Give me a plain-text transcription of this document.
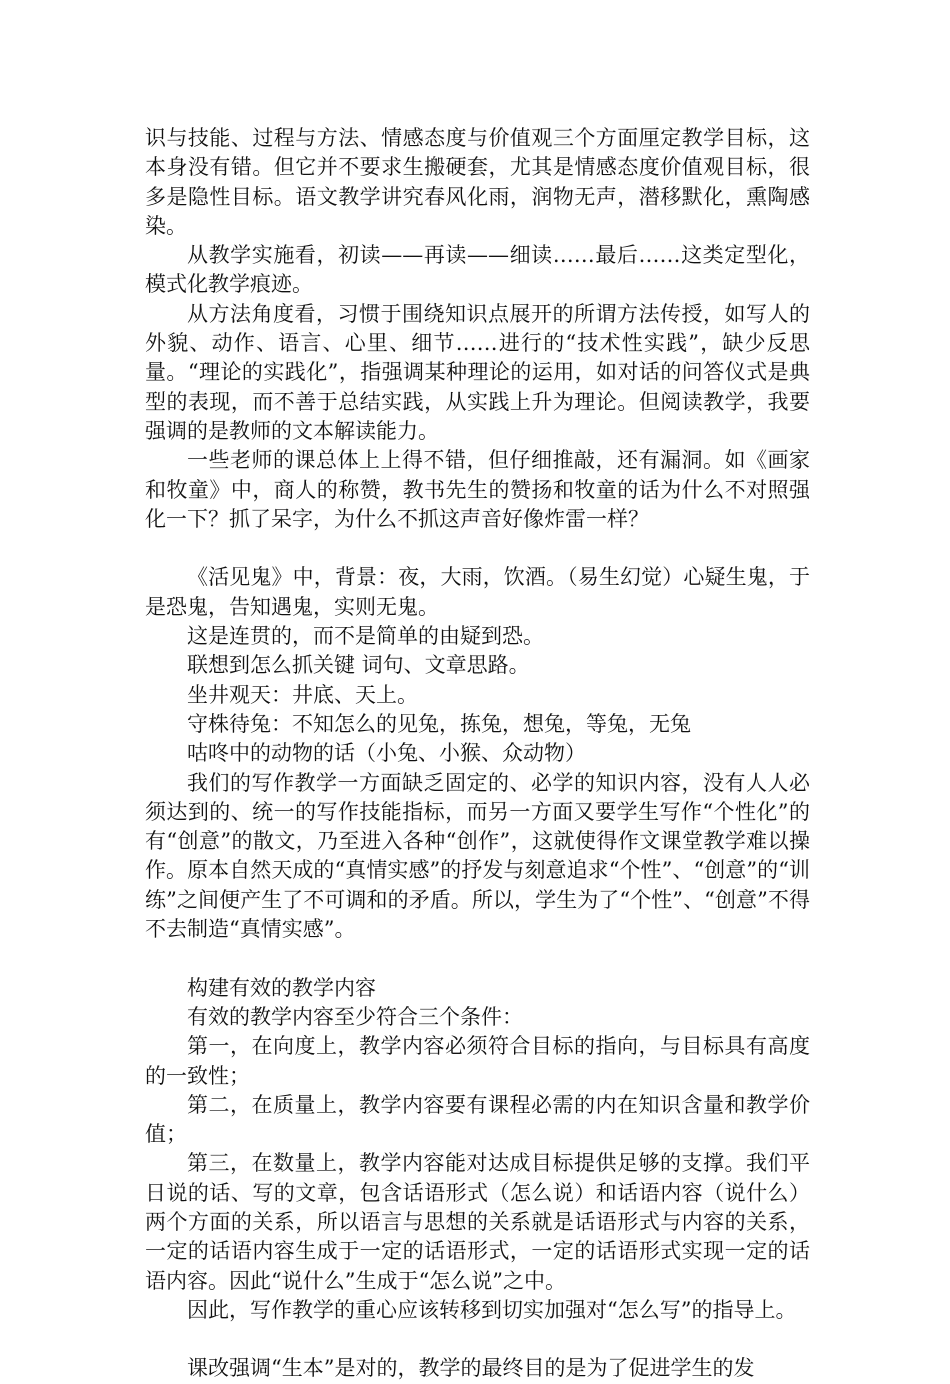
识与技能、过程与方法、情感态度与价值观三个方面厘定教学目标，这本身没有错。但它并不要求生搬硬套，尤其是情感态度价值观目标，很多是隐性目标。语文教学讲究春风化雨，润物无声，潜移默化，熏陶感染。

从教学实施看，初读——再读——细读……最后……这类定型化，模式化教学痕迹。

从方法角度看，习惯于围绕知识点展开的所谓方法传授，如写人的外貌、动作、语言、心里、细节……进行的“技术性实践”，缺少反思量。“理论的实践化”，指强调某种理论的运用，如对话的问答仪式是典型的表现，而不善于总结实践，从实践上升为理论。但阅读教学，我要强调的是教师的文本解读能力。

一些老师的课总体上上得不错，但仔细推敲，还有漏洞。如《画家和牧童》中，商人的称赞，教书先生的赞扬和牧童的话为什么不对照强化一下？抓了呆字，为什么不抓这声音好像炸雷一样？

《活见鬼》中，背景：夜，大雨，饮酒。（易生幻觉）心疑生鬼，于是恐鬼，告知遇鬼，实则无鬼。

这是连贯的，而不是简单的由疑到恐。

联想到怎么抓关键 词句、文章思路。

坐井观天：井底、天上。

守株待兔：不知怎么的见兔，拣兔，想兔，等兔，无兔

咕咚中的动物的话（小兔、小猴、众动物）

我们的写作教学一方面缺乏固定的、必学的知识内容，没有人人必须达到的、统一的写作技能指标，而另一方面又要学生写作“个性化”的有“创意”的散文，乃至进入各种“创作”，这就使得作文课堂教学难以操作。原本自然天成的“真情实感”的抒发与刻意追求“个性”、“创意”的“训练”之间便产生了不可调和的矛盾。所以，学生为了“个性”、“创意”不得不去制造“真情实感”。

构建有效的教学内容

有效的教学内容至少符合三个条件：

第一，在向度上，教学内容必须符合目标的指向，与目标具有高度的一致性；

第二，在质量上，教学内容要有课程必需的内在知识含量和教学价值；

第三，在数量上，教学内容能对达成目标提供足够的支撑。我们平日说的话、写的文章，包含话语形式（怎么说）和话语内容（说什么）两个方面的关系，所以语言与思想的关系就是话语形式与内容的关系，一定的话语内容生成于一定的话语形式，一定的话语形式实现一定的话语内容。因此“说什么”生成于“怎么说”之中。

因此，写作教学的重心应该转移到切实加强对“怎么写”的指导上。

课改强调“生本”是对的，教学的最终目的是为了促进学生的发
